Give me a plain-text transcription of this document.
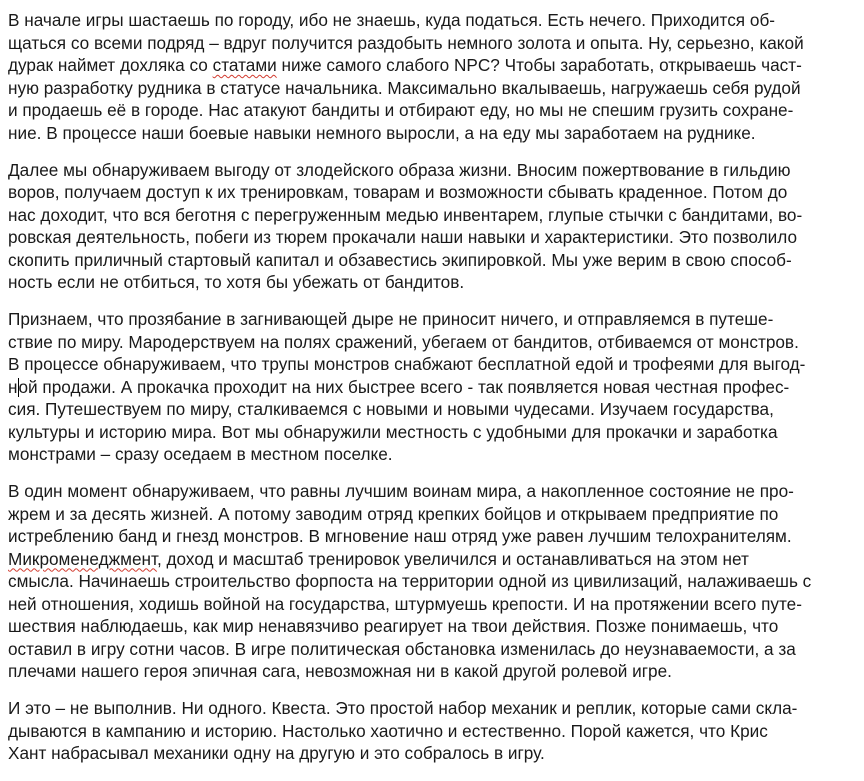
В начале игры шастаешь по городу, ибо не знаешь, куда податься. Есть нечего. Приходится об-
щаться со всеми подряд – вдруг получится раздобыть немного золота и опыта. Ну, серьезно, какой
дурак наймет дохляка со статами ниже самого слабого NPC? Чтобы заработать, открываешь част-
ную разработку рудника в статусе начальника. Максимально вкалываешь, нагружаешь себя рудой
и продаешь её в городе. Нас атакуют бандиты и отбирают еду, но мы не спешим грузить сохране-
ние. В процессе наши боевые навыки немного выросли, а на еду мы заработаем на руднике.

Далее мы обнаруживаем выгоду от злодейского образа жизни. Вносим пожертвование в гильдию
воров, получаем доступ к их тренировкам, товарам и возможности сбывать краденное. Потом до
нас доходит, что вся беготня с перегруженным медью инвентарем, глупые стычки с бандитами, во-
ровская деятельность, побеги из тюрем прокачали наши навыки и характеристики. Это позволило
скопить приличный стартовый капитал и обзавестись экипировкой. Мы уже верим в свою способ-
ность если не отбиться, то хотя бы убежать от бандитов.

Признаем, что прозябание в загнивающей дыре не приносит ничего, и отправляемся в путеше-
ствие по миру. Мародерствуем на полях сражений, убегаем от бандитов, отбиваемся от монстров.
В процессе обнаруживаем, что трупы монстров снабжают бесплатной едой и трофеями для выгод-
ной продажи. А прокачка проходит на них быстрее всего - так появляется новая честная профес-
сия. Путешествуем по миру, сталкиваемся с новыми и новыми чудесами. Изучаем государства,
культуры и историю мира. Вот мы обнаружили местность с удобными для прокачки и заработка
монстрами – сразу оседаем в местном поселке.

В один момент обнаруживаем, что равны лучшим воинам мира, а накопленное состояние не про-
жрем и за десять жизней. А потому заводим отряд крепких бойцов и открываем предприятие по
истреблению банд и гнезд монстров. В мгновение наш отряд уже равен лучшим телохранителям.
Микроменеджмент, доход и масштаб тренировок увеличился и останавливаться на этом нет
смысла. Начинаешь строительство форпоста на территории одной из цивилизаций, налаживаешь с
ней отношения, ходишь войной на государства, штурмуешь крепости. И на протяжении всего путе-
шествия наблюдаешь, как мир ненавязчиво реагирует на твои действия. Позже понимаешь, что
оставил в игру сотни часов. В игре политическая обстановка изменилась до неузнаваемости, а за
плечами нашего героя эпичная сага, невозможная ни в какой другой ролевой игре.

И это – не выполнив. Ни одного. Квеста. Это простой набор механик и реплик, которые сами скла-
дываются в кампанию и историю. Настолько хаотично и естественно. Порой кажется, что Крис
Хант набрасывал механики одну на другую и это собралось в игру.
